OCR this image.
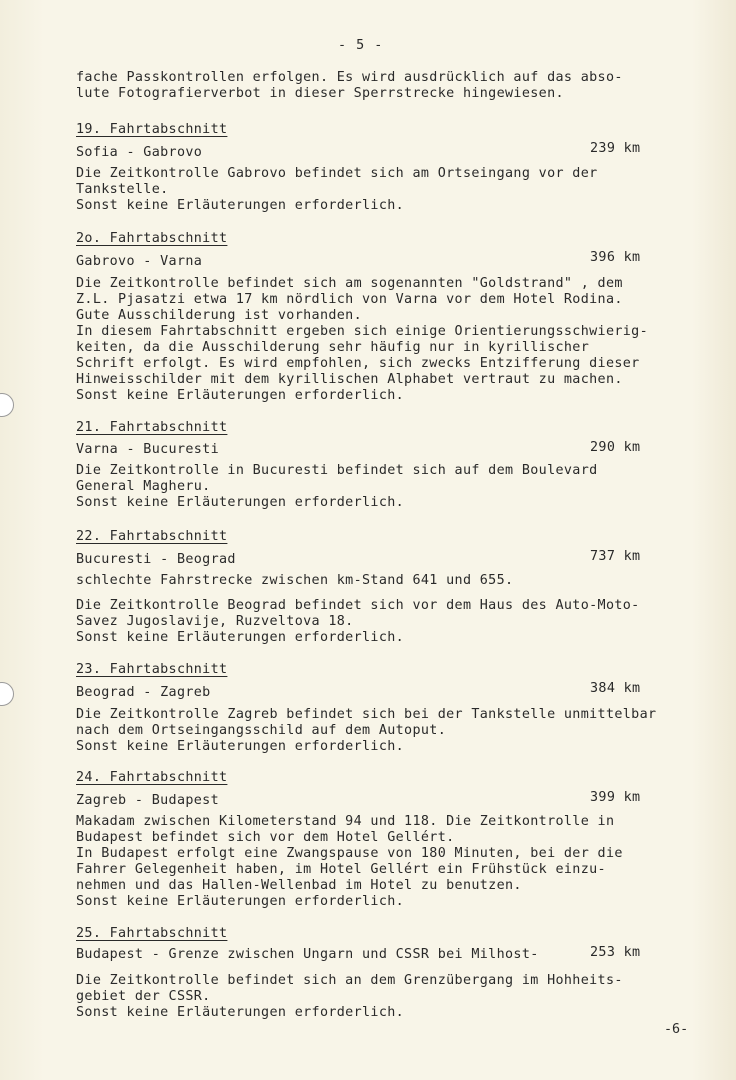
- 5 -
fache Passkontrollen erfolgen. Es wird ausdrücklich auf das abso-
lute Fotografierverbot in dieser Sperrstrecke hingewiesen.
19. Fahrtabschnitt
Sofia - Gabrovo	239 km
Die Zeitkontrolle Gabrovo befindet sich am Ortseingang vor der
Tankstelle.
Sonst keine Erläuterungen erforderlich.
2o. Fahrtabschnitt
Gabrovo - Varna	396 km
Die Zeitkontrolle befindet sich am sogenannten "Goldstrand" , dem
Z.L. Pjasatzi etwa 17 km nördlich von Varna vor dem Hotel Rodina.
Gute Ausschilderung ist vorhanden.
In diesem Fahrtabschnitt ergeben sich einige Orientierungsschwierig-
keiten, da die Ausschilderung sehr häufig nur in kyrillischer
Schrift erfolgt. Es wird empfohlen, sich zwecks Entzifferung dieser
Hinweisschilder mit dem kyrillischen Alphabet vertraut zu machen.
Sonst keine Erläuterungen erforderlich.
21. Fahrtabschnitt
Varna - Bucuresti	290 km
Die Zeitkontrolle in Bucuresti befindet sich auf dem Boulevard
General Magheru.
Sonst keine Erläuterungen erforderlich.
22. Fahrtabschnitt
Bucuresti - Beograd	737 km
schlechte Fahrstrecke zwischen km-Stand 641 und 655.
Die Zeitkontrolle Beograd befindet sich vor dem Haus des Auto-Moto-
Savez Jugoslavije, Ruzveltova 18.
Sonst keine Erläuterungen erforderlich.
23. Fahrtabschnitt
Beograd - Zagreb	384 km
Die Zeitkontrolle Zagreb befindet sich bei der Tankstelle unmittelbar
nach dem Ortseingangsschild auf dem Autoput.
Sonst keine Erläuterungen erforderlich.
24. Fahrtabschnitt
Zagreb - Budapest	399 km
Makadam zwischen Kilometerstand 94 und 118. Die Zeitkontrolle in
Budapest befindet sich vor dem Hotel Gellért.
In Budapest erfolgt eine Zwangspause von 180 Minuten, bei der die
Fahrer Gelegenheit haben, im Hotel Gellért ein Frühstück einzu-
nehmen und das Hallen-Wellenbad im Hotel zu benutzen.
Sonst keine Erläuterungen erforderlich.
25. Fahrtabschnitt
Budapest - Grenze zwischen Ungarn und CSSR bei Milhost-	253 km
Die Zeitkontrolle befindet sich an dem Grenzübergang im Hohheits-
gebiet der CSSR.
Sonst keine Erläuterungen erforderlich.
-6-
